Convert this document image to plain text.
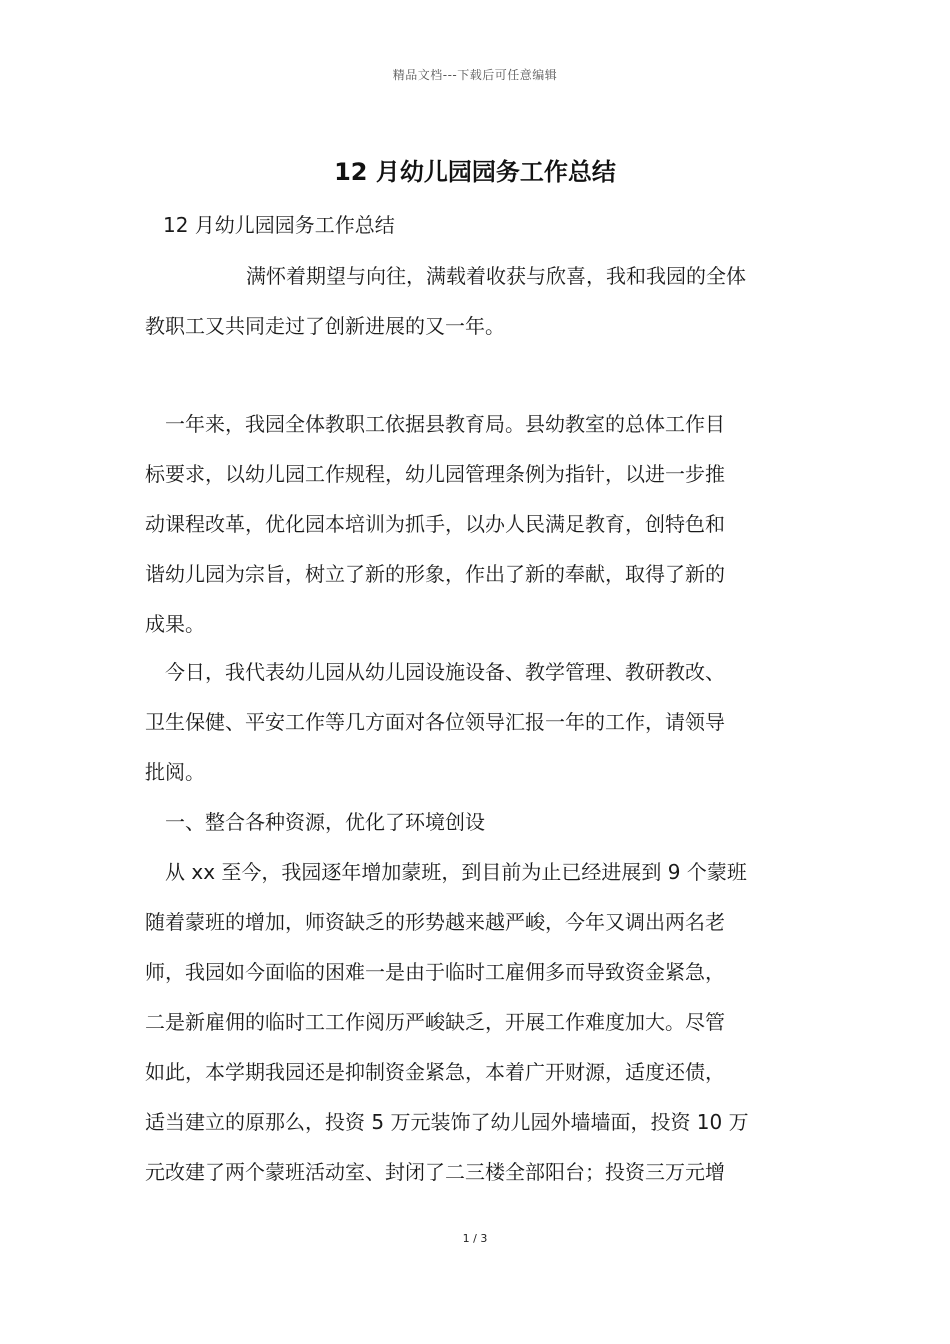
精品文档---下载后可任意编辑
12 月幼儿园园务工作总结
12 月幼儿园园务工作总结
满怀着期望与向往，满载着收获与欣喜，我和我园的全体
教职工又共同走过了创新进展的又一年。
一年来，我园全体教职工依据县教育局。县幼教室的总体工作目
标要求，以幼儿园工作规程，幼儿园管理条例为指针，以进一步推
动课程改革，优化园本培训为抓手，以办人民满足教育，创特色和
谐幼儿园为宗旨，树立了新的形象，作出了新的奉献，取得了新的
成果。
今日，我代表幼儿园从幼儿园设施设备、教学管理、教研教改、
卫生保健、平安工作等几方面对各位领导汇报一年的工作，请领导
批阅。
一、整合各种资源，优化了环境创设
从 xx 至今，我园逐年增加蒙班，到目前为止已经进展到 9 个蒙班
随着蒙班的增加，师资缺乏的形势越来越严峻，今年又调出两名老
师，我园如今面临的困难一是由于临时工雇佣多而导致资金紧急，
二是新雇佣的临时工工作阅历严峻缺乏，开展工作难度加大。尽管
如此，本学期我园还是抑制资金紧急，本着广开财源，适度还债，
适当建立的原那么，投资 5 万元装饰了幼儿园外墙墙面，投资 10 万
元改建了两个蒙班活动室、封闭了二三楼全部阳台；投资三万元增
1 / 3
